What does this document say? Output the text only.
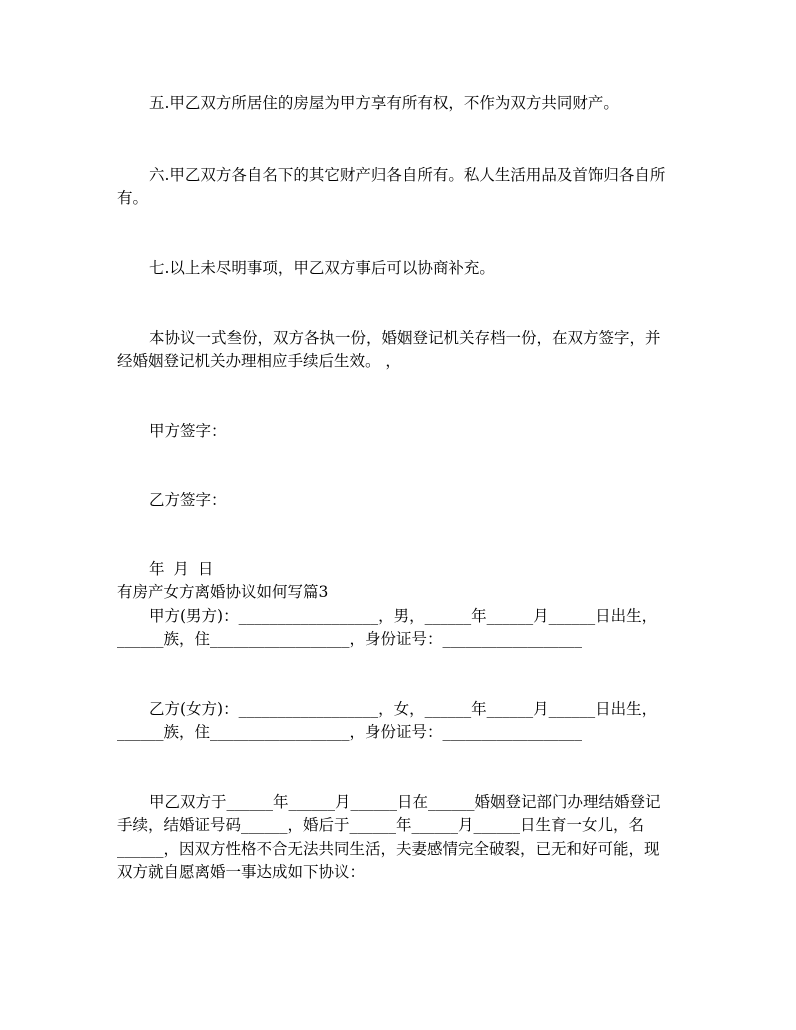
五.甲乙双方所居住的房屋为甲方享有所有权，不作为双方共同财产。
六.甲乙双方各自名下的其它财产归各自所有。私人生活用品及首饰归各自所
有。
七.以上未尽明事项，甲乙双方事后可以协商补充。
本协议一式叁份，双方各执一份，婚姻登记机关存档一份，在双方签字，并
经婚姻登记机关办理相应手续后生效。 ，
甲方签字：
乙方签字：
年 月 日
有房产女方离婚协议如何写篇3
甲方(男方)：__________________，男，______年______月______日出生，
______族，住__________________，身份证号：__________________
乙方(女方)：__________________，女，______年______月______日出生，
______族，住__________________，身份证号：__________________
甲乙双方于______年______月______日在______婚姻登记部门办理结婚登记
手续，结婚证号码______，婚后于______年______月______日生育一女儿，名
______，因双方性格不合无法共同生活，夫妻感情完全破裂，已无和好可能，现
双方就自愿离婚一事达成如下协议：
